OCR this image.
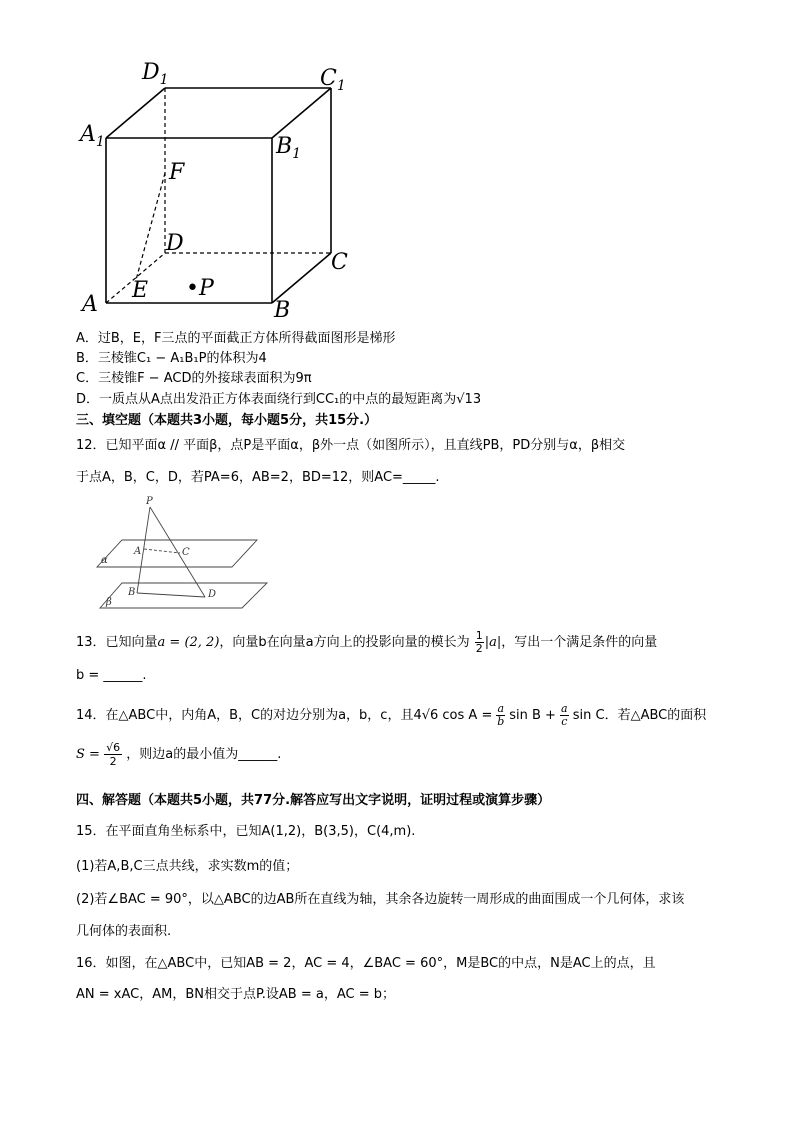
$D_1$	$C_1$
$A_1$	$B_1$
F
D
C
A
E •P
B
A．过B，E，F三点的平面截正方体所得截面图形是梯形
B．三棱锥C₁ − A₁B₁P的体积为4
C．三棱锥F − ACD的外接球表面积为9π
D．一质点从A点出发沿正方体表面绕行到CC₁的中点的最短距离为√13
三、填空题（本题共3小题，每小题5分，共15分.）
12．已知平面α // 平面β，点P是平面α，β外一点（如图所示），且直线PB，PD分别与α，β相交
于点A，B，C，D，若PA=6，AB=2，BD=12，则AC=_____.
P
A	C
B	D
α
β
13．已知向量a = (2, 2)，向量b在向量a方向上的投影向量的模长为 $\frac{1}{2} |a|$，写出一个满足条件的向量
b = ______.
14．在△ABC中，内角A，B，C的对边分别为a，b，c，且4√6 $\cos A = \frac{a}{b}$ $\sin B + \frac{a}{c}$ sin C．若△ABC的面积
$S = \frac{√6}{2}$ ，则边a的最小值为______.
四、解答题（本题共5小题，共77分.解答应写出文字说明，证明过程或演算步骤）
15．在平面直角坐标系中，已知A(1,2)，B(3,5)，C(4,m).
(1)若A,B,C三点共线，求实数m的值；
(2)若∠BAC = 90°，以△ABC的边AB所在直线为轴，其余各边旋转一周形成的曲面围成一个几何体，求该
几何体的表面积.
16．如图，在△ABC中，已知AB = 2，AC = 4，∠BAC = 60°，M是BC的中点，N是AC上的点，且
AN = xAC，AM，BN相交于点P.设AB = a，AC = b；
